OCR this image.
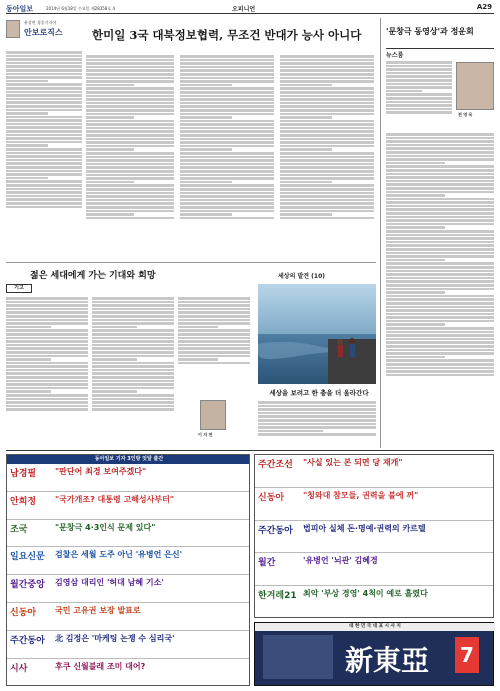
동아일보	2014년 6월18일 수요일 제28358호 4	오피니언	A29
윤상연 경종기자야
안보로직스	한미일 3국 대북정보협력, 무조건 반대가 능사 아니다	'문창극 동영상'과 정운회
뉴스룸
전 영 욱
젊은 세대에게 가는 기대와 희망
기고
이 지 연
세상의 발견 (10)
세상을 보려고 한 충을 더 올라간다
동아일보 기자 3인방 잇달 출간
남경필 "판단어 최경 보여주겠다"
안희정 "국가개조? 대통령 고해성사부터"
조국	"문창극 4·3인식 문제 있다"
일요신문 검찰은 세월 도주 아닌 '유병언 은신'
월간중앙 김영삼 대리인 '허대 남혜 기소'
신동아 국민 고유권 보장 발표로
주간동아 北 김정은 '마케팅 논쟁 수 심리국'
시사	후쿠 신월블래 조미 대어?
주간조선 "사실 있는 본 되면 당 재개"
신동아 "청와대 참모들, 권력을 불에 꺼"
주간동아 법피아 실체 돈·명예·권력의 카르텔
월간	'유병언 '뇌관' 김혜경
한겨레21 최악 '부상 경영' 4척이 예로 흘렸다
대 한 민 국 대 표 시 사 지
新東亞 7
